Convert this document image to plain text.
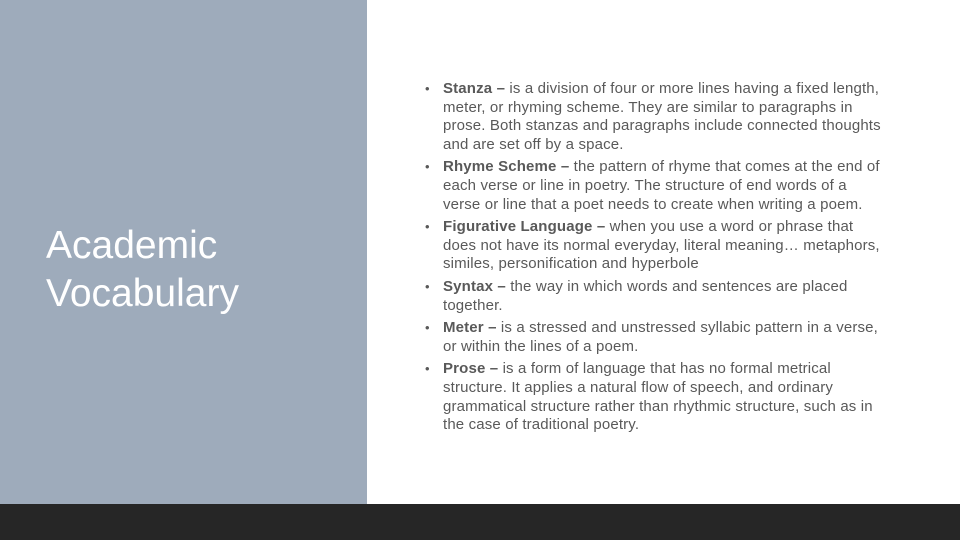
Academic
Vocabulary
• Stanza – is a division of four or more lines having a fixed length, meter, or rhyming scheme. They are similar to paragraphs in prose. Both stanzas and paragraphs include connected thoughts and are set off by a space.
• Rhyme Scheme – the pattern of rhyme that comes at the end of each verse or line in poetry. The structure of end words of a verse or line that a poet needs to create when writing a poem.
• Figurative Language – when you use a word or phrase that does not have its normal everyday, literal meaning… metaphors, similes, personification and hyperbole
• Syntax – the way in which words and sentences are placed together.
• Meter – is a stressed and unstressed syllabic pattern in a verse, or within the lines of a poem.
• Prose – is a form of language that has no formal metrical structure. It applies a natural flow of speech, and ordinary grammatical structure rather than rhythmic structure, such as in the case of traditional poetry.
